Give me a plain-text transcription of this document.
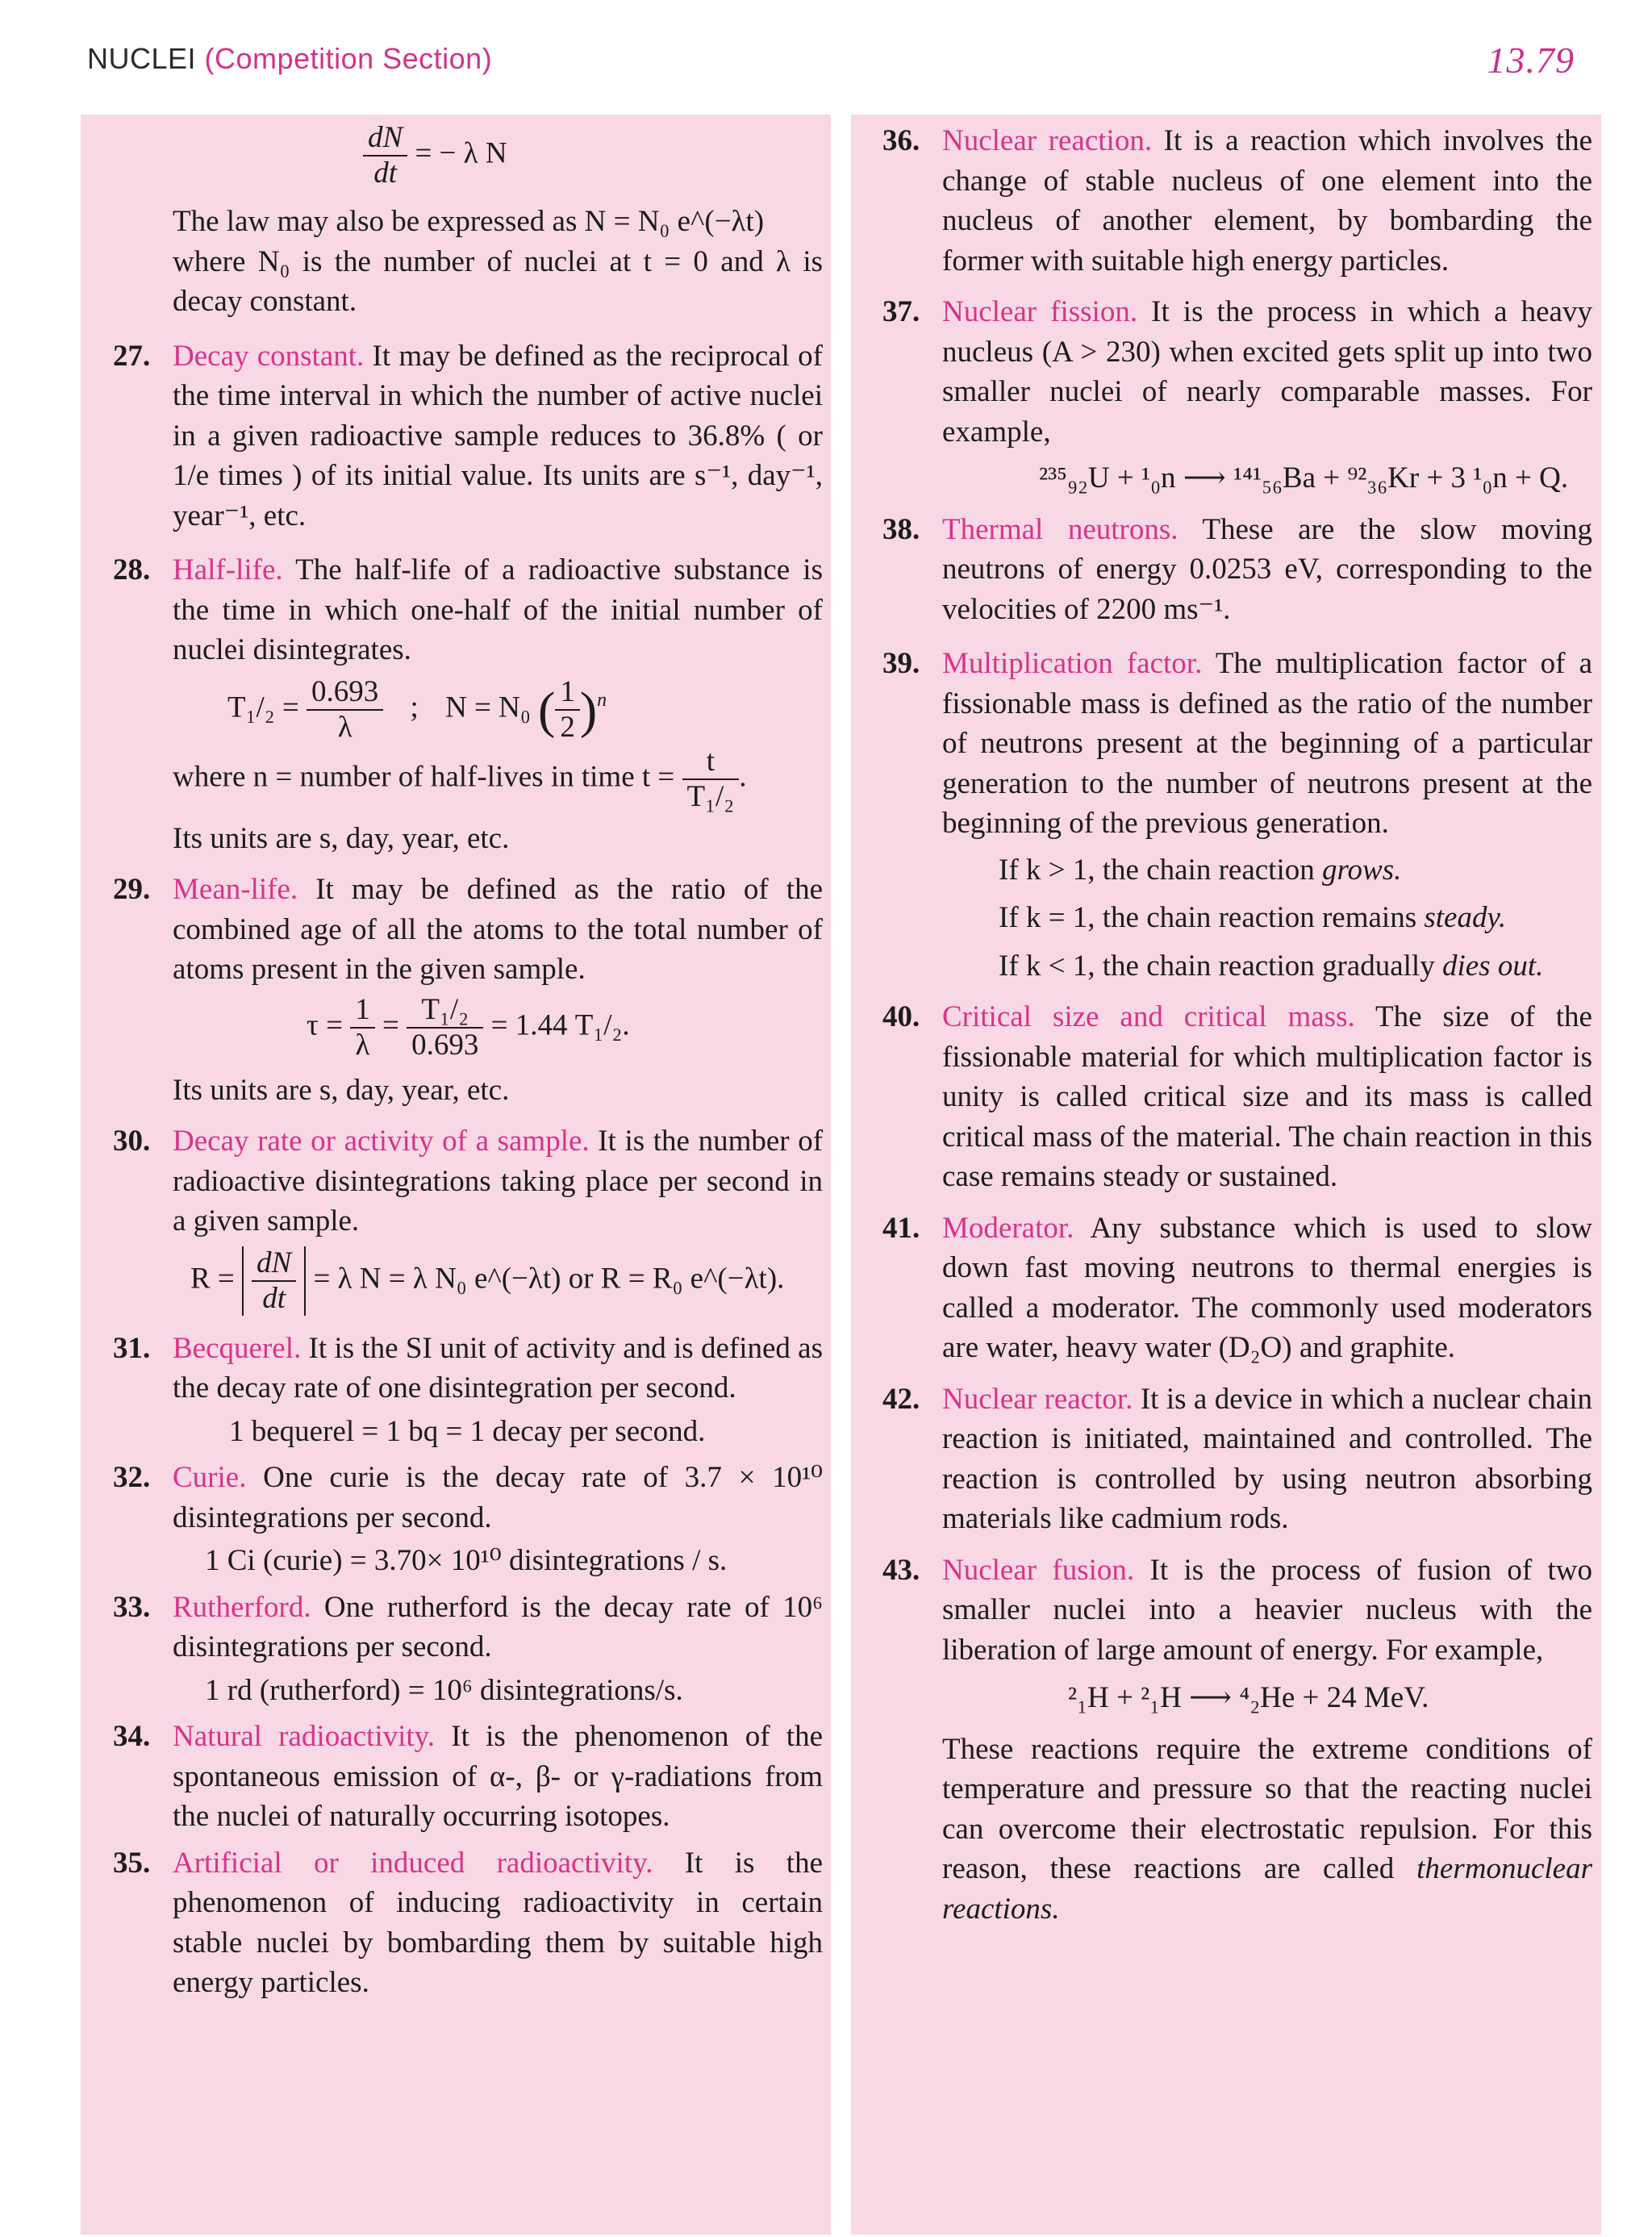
NUCLEI (Competition Section)	13.79
$\frac{dN}{dt}$ = − λ N
The law may also be expressed as N = N₀ e^(−λt)
where N₀ is the number of nuclei at t = 0 and λ is decay constant.
27. Decay constant. It may be defined as the reciprocal of the time interval in which the number of active nuclei in a given radioactive sample reduces to 36.8% ( or 1/e times ) of its initial value. Its units are s⁻¹, day⁻¹, year⁻¹, etc.
28. Half-life. The half-life of a radioactive substance is the time in which one-half of the initial number of nuclei disintegrates.
$T_1/_2 = \frac{0.693}{\lambda}$ ; N = N₀ ( $\frac{1}{2} )^n$
where n = number of half-lives in time $t = \frac{t}{\text{T₁/₂}}$ .
Its units are s, day, year, etc.
29. Mean-life. It may be defined as the ratio of the combined age of all the atoms to the total number of atoms present in the given sample.
$\tau = \frac{1}{\lambda} = \frac{\text{T₁/₂}}{0.693} = 1.44$ T₁/₂.
Its units are s, day, year, etc.
30. Decay rate or activity of a sample. It is the number of radioactive disintegrations taking place per second in a given sample.
$R = \frac{dN}{dt} = \lambda$ N = λ N₀ e^(−λt) or R = R₀ e^(−λt).
31. Becquerel. It is the SI unit of activity and is defined as the decay rate of one disintegration per second.
1 bequerel = 1 bq = 1 decay per second.
32. Curie. One curie is the decay rate of 3.7 × 10¹⁰ disintegrations per second.
1 Ci (curie) = 3.70× 10¹⁰ disintegrations / s.
33. Rutherford. One rutherford is the decay rate of 10⁶ disintegrations per second.
1 rd (rutherford) = 10⁶ disintegrations/s.
34. Natural radioactivity. It is the phenomenon of the spontaneous emission of α-, β- or γ-radiations from the nuclei of naturally occurring isotopes.
35. Artificial or induced radioactivity. It is the phenomenon of inducing radioactivity in certain stable nuclei by bombarding them by suitable high energy particles.
36. Nuclear reaction. It is a reaction which involves the change of stable nucleus of one element into the nucleus of another element, by bombarding the former with suitable high energy particles.
37. Nuclear fission. It is the process in which a heavy nucleus (A > 230) when excited gets split up into two smaller nuclei of nearly comparable masses. For example,
²³⁵₉₂U + ¹₀n ⟶ ¹⁴¹₅₆Ba + ⁹²₃₆Kr + 3 ¹₀n + Q.
38. Thermal neutrons. These are the slow moving neutrons of energy 0.0253 eV, corresponding to the velocities of 2200 ms⁻¹.
39. Multiplication factor. The multiplication factor of a fissionable mass is defined as the ratio of the number of neutrons present at the beginning of a particular generation to the number of neutrons present at the beginning of the previous generation.
If k > 1, the chain reaction grows.
If k = 1, the chain reaction remains steady.
If k < 1, the chain reaction gradually dies out.
40. Critical size and critical mass. The size of the fissionable material for which multiplication factor is unity is called critical size and its mass is called critical mass of the material. The chain reaction in this case remains steady or sustained.
41. Moderator. Any substance which is used to slow down fast moving neutrons to thermal energies is called a moderator. The commonly used moderators are water, heavy water (D₂O) and graphite.
42. Nuclear reactor. It is a device in which a nuclear chain reaction is initiated, maintained and controlled. The reaction is controlled by using neutron absorbing materials like cadmium rods.
43. Nuclear fusion. It is the process of fusion of two smaller nuclei into a heavier nucleus with the liberation of large amount of energy. For example,
²₁H + ²₁H ⟶ ⁴₂He + 24 MeV.
These reactions require the extreme conditions of temperature and pressure so that the reacting nuclei can overcome their electrostatic repulsion. For this reason, these reactions are called thermonuclear reactions.
